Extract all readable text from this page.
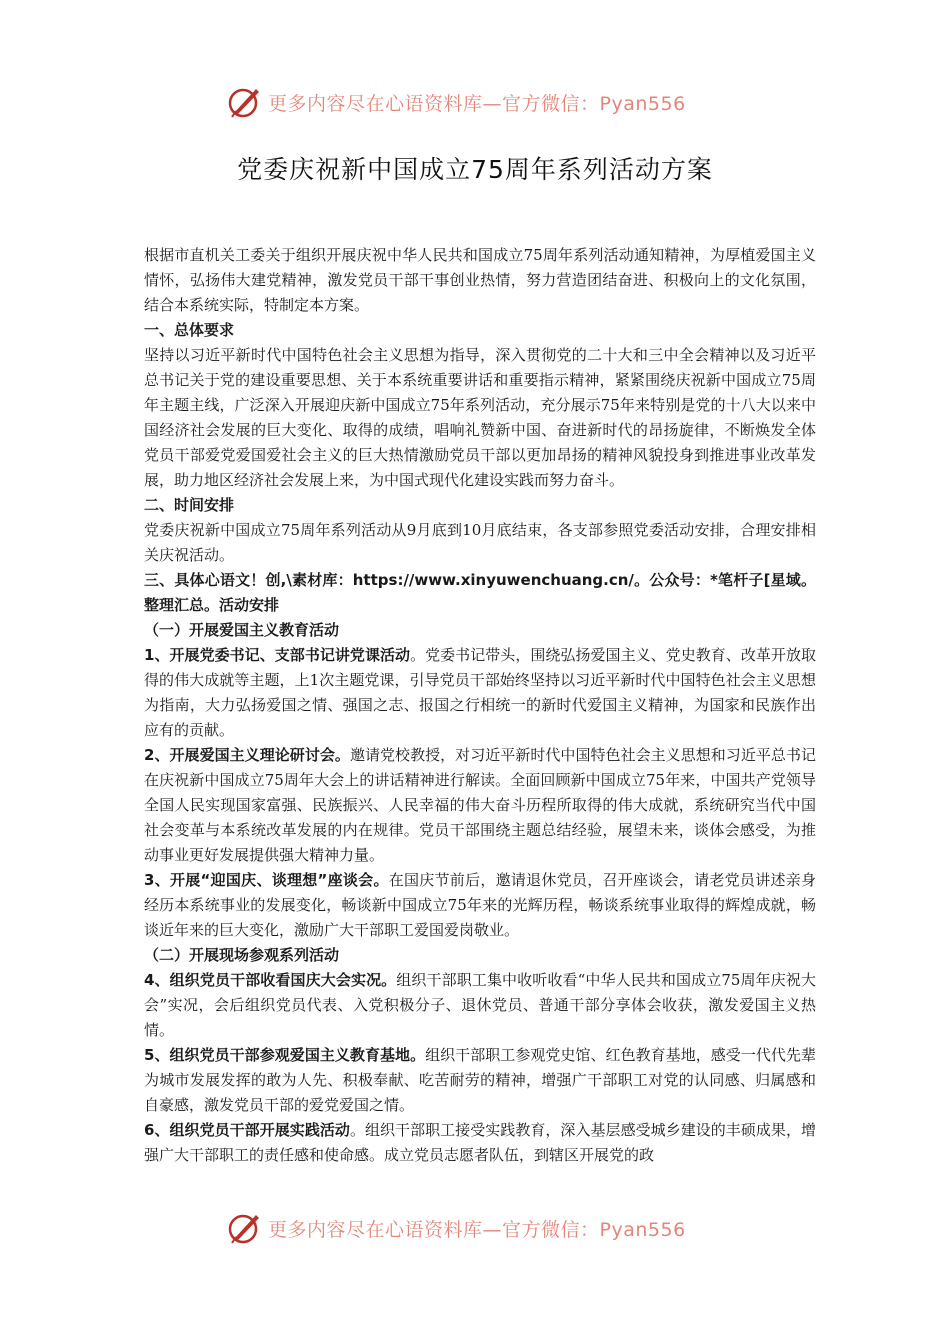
更多内容尽在心语资料库—官方微信：Pyan556
党委庆祝新中国成立75周年系列活动方案

根据市直机关工委关于组织开展庆祝中华人民共和国成立75周年系列活动通知精神，为厚植爱国主义情怀，弘扬伟大建党精神，激发党员干部干事创业热情，努力营造团结奋进、积极向上的文化氛围，结合本系统实际，特制定本方案。

一、总体要求

坚持以习近平新时代中国特色社会主义思想为指导，深入贯彻党的二十大和三中全会精神以及习近平总书记关于党的建设重要思想、关于本系统重要讲话和重要指示精神，紧紧围绕庆祝新中国成立75周年主题主线，广泛深入开展迎庆新中国成立75年系列活动，充分展示75年来特别是党的十八大以来中国经济社会发展的巨大变化、取得的成绩，唱响礼赞新中国、奋进新时代的昂扬旋律，不断焕发全体党员干部爱党爱国爱社会主义的巨大热情激励党员干部以更加昂扬的精神风貌投身到推进事业改革发展，助力地区经济社会发展上来，为中国式现代化建设实践而努力奋斗。

二、时间安排

党委庆祝新中国成立75周年系列活动从9月底到10月底结束，各支部参照党委活动安排，合理安排相关庆祝活动。

三、具体心语文！创,\素材库：https://www.xinyuwenchuang.cn/。公众号：*笔杆子[星域。整理汇总。活动安排

（一）开展爱国主义教育活动

1、开展党委书记、支部书记讲党课活动。党委书记带头，围绕弘扬爱国主义、党史教育、改革开放取得的伟大成就等主题，上1次主题党课，引导党员干部始终坚持以习近平新时代中国特色社会主义思想为指南，大力弘扬爱国之情、强国之志、报国之行相统一的新时代爱国主义精神，为国家和民族作出应有的贡献。

2、开展爱国主义理论研讨会。邀请党校教授，对习近平新时代中国特色社会主义思想和习近平总书记在庆祝新中国成立75周年大会上的讲话精神进行解读。全面回顾新中国成立75年来，中国共产党领导全国人民实现国家富强、民族振兴、人民幸福的伟大奋斗历程所取得的伟大成就，系统研究当代中国社会变革与本系统改革发展的内在规律。党员干部围绕主题总结经验，展望未来，谈体会感受，为推动事业更好发展提供强大精神力量。

3、开展“迎国庆、谈理想”座谈会。在国庆节前后，邀请退休党员，召开座谈会，请老党员讲述亲身经历本系统事业的发展变化，畅谈新中国成立75年来的光辉历程，畅谈系统事业取得的辉煌成就，畅谈近年来的巨大变化，激励广大干部职工爱国爱岗敬业。

（二）开展现场参观系列活动

4、组织党员干部收看国庆大会实况。组织干部职工集中收听收看“中华人民共和国成立75周年庆祝大会”实况，会后组织党员代表、入党积极分子、退休党员、普通干部分享体会收获，激发爱国主义热情。

5、组织党员干部参观爱国主义教育基地。组织干部职工参观党史馆、红色教育基地，感受一代代先辈为城市发展发挥的敢为人先、积极奉献、吃苦耐劳的精神，增强广干部职工对党的认同感、归属感和自豪感，激发党员干部的爱党爱国之情。

6、组织党员干部开展实践活动。组织干部职工接受实践教育，深入基层感受城乡建设的丰硕成果，增强广大干部职工的责任感和使命感。成立党员志愿者队伍，到辖区开展党的政

更多内容尽在心语资料库—官方微信：Pyan556
